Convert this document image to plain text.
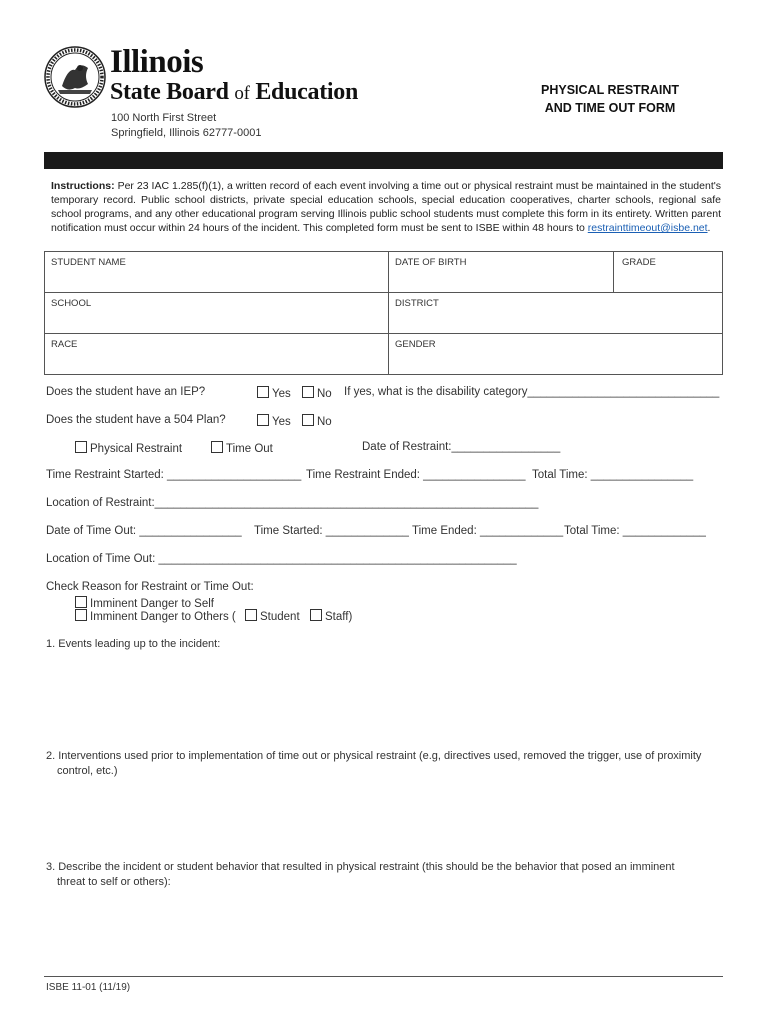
Illinois
State Board of Education
100 North First Street
Springfield, Illinois 62777-0001
PHYSICAL RESTRAINT
AND TIME OUT FORM
Instructions: Per 23 IAC 1.285(f)(1), a written record of each event involving a time out or physical restraint must be maintained in the student's temporary record. Public school districts, private special education schools, special education cooperatives, charter schools, regional safe school programs, and any other educational program serving Illinois public school students must complete this form in its entirety. Written parent notification must occur within 24 hours of the incident. This completed form must be sent to ISBE within 48 hours to restrainttimeout@isbe.net.
STUDENT NAME	DATE OF BIRTH	GRADE
SCHOOL	DISTRICT
RACE	GENDER
Does the student have an IEP?	Yes	No If yes, what is the disability category______________________________
Does the student have a 504 Plan?	Yes	No
Physical Restraint	Time Out	Date of Restraint:_________________
Time Restraint Started: _____________________ Time Restraint Ended: ________________ Total Time: ________________
Location of Restraint:____________________________________________________________
Date of Time Out: ________________ Time Started: _____________ Time Ended: _____________ Total Time: _____________
Location of Time Out: ________________________________________________________
Check Reason for Restraint or Time Out:
Imminent Danger to Self
Imminent Danger to Others (	Student	Staff)
1. Events leading up to the incident:
2. Interventions used prior to implementation of time out or physical restraint (e.g, directives used, removed the trigger, use of proximity
control, etc.)
3. Describe the incident or student behavior that resulted in physical restraint (this should be the behavior that posed an imminent
threat to self or others):
ISBE 11-01 (11/19)
